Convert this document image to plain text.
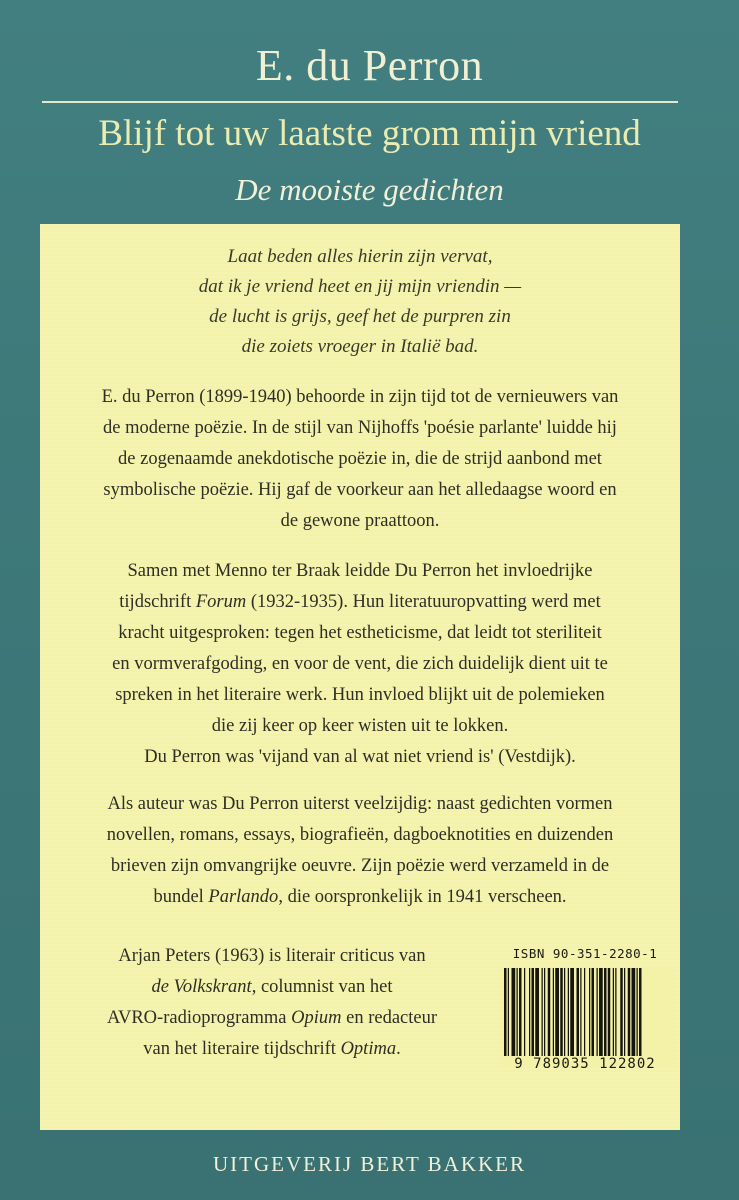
E. du Perron
Blijf tot uw laatste grom mijn vriend
De mooiste gedichten
Laat beden alles hierin zijn vervat,
dat ik je vriend heet en jij mijn vriendin —
de lucht is grijs, geef het de purpren zin
die zoiets vroeger in Italië bad.
E. du Perron (1899-1940) behoorde in zijn tijd tot de vernieuwers van
de moderne poëzie. In de stijl van Nijhoffs 'poésie parlante' luidde hij
de zogenaamde anekdotische poëzie in, die de strijd aanbond met
symbolische poëzie. Hij gaf de voorkeur aan het alledaagse woord en
de gewone praattoon.
Samen met Menno ter Braak leidde Du Perron het invloedrijke
tijdschrift Forum (1932-1935). Hun literatuuropvatting werd met
kracht uitgesproken: tegen het estheticisme, dat leidt tot steriliteit
en vormverafgoding, en voor de vent, die zich duidelijk dient uit te
spreken in het literaire werk. Hun invloed blijkt uit de polemieken
die zij keer op keer wisten uit te lokken.
Du Perron was 'vijand van al wat niet vriend is' (Vestdijk).
Als auteur was Du Perron uiterst veelzijdig: naast gedichten vormen
novellen, romans, essays, biografieën, dagboeknotities en duizenden
brieven zijn omvangrijke oeuvre. Zijn poëzie werd verzameld in de
bundel Parlando, die oorspronkelijk in 1941 verscheen.
Arjan Peters (1963) is literair criticus van
de Volkskrant, columnist van het
AVRO-radioprogramma Opium en redacteur
van het literaire tijdschrift Optima.
ISBN 90-351-2280-1
9 789035 122802
UITGEVERIJ BERT BAKKER
